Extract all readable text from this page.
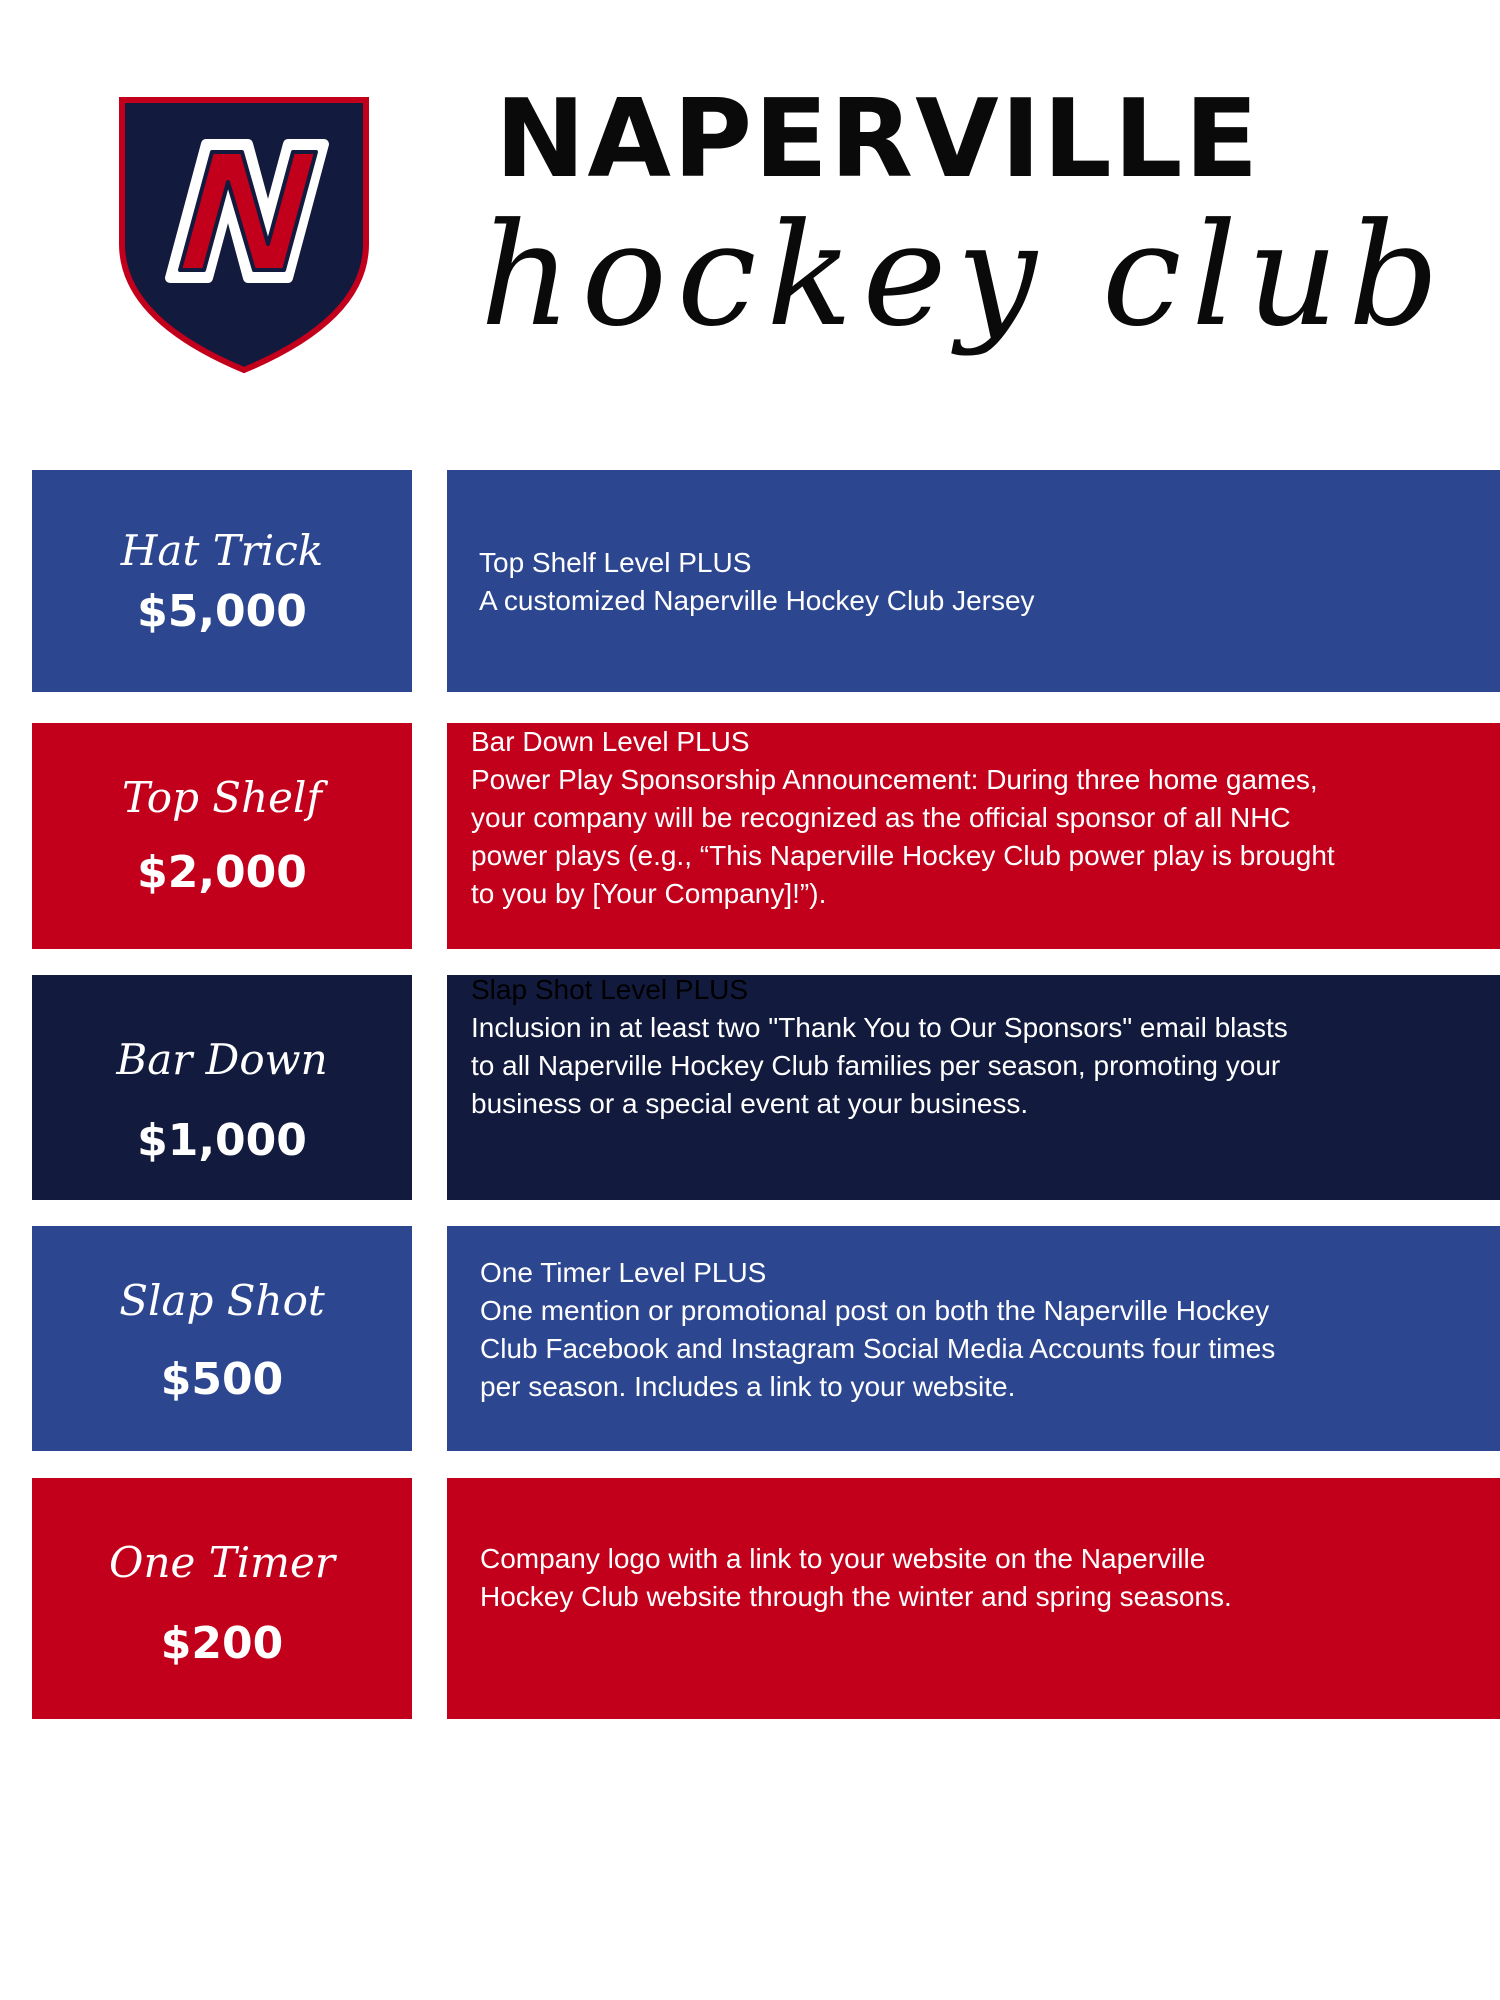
NAPERVILLE
hockey club

Hat Trick

$5,000

Top Shelf Level PLUS
A customized Naperville Hockey Club Jersey

Top Shelf

$2,000

Bar Down Level PLUS
Power Play Sponsorship Announcement: During three home games,
your company will be recognized as the official sponsor of all NHC
power plays (e.g., “This Naperville Hockey Club power play is brought
to you by [Your Company]!”).

Bar Down

$1,000

Slap Shot Level PLUS
Inclusion in at least two "Thank You to Our Sponsors" email blasts
to all Naperville Hockey Club families per season, promoting your
business or a special event at your business.

Slap Shot

$500

One Timer Level PLUS
One mention or promotional post on both the Naperville Hockey
Club Facebook and Instagram Social Media Accounts four times
per season. Includes a link to your website.

One Timer

$200

Company logo with a link to your website on the Naperville
Hockey Club website through the winter and spring seasons.
